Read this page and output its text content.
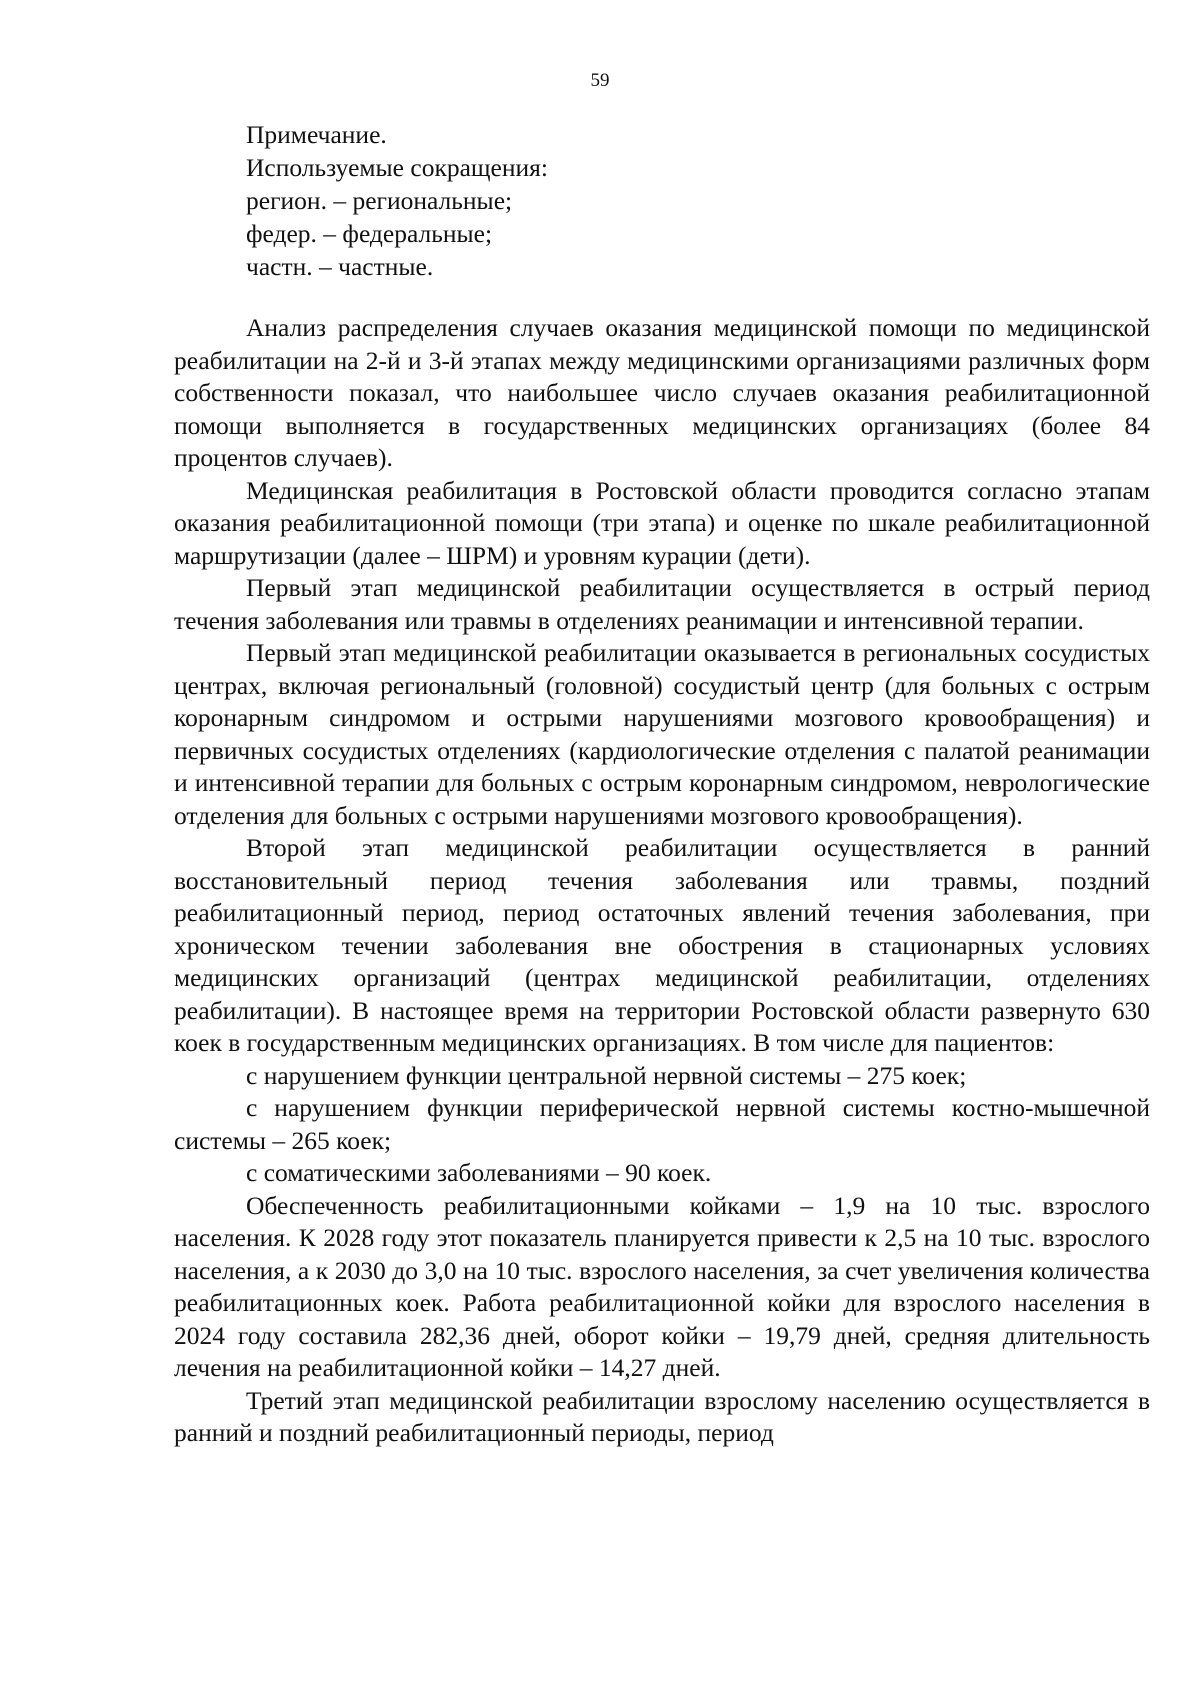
59
Примечание.
Используемые сокращения:
регион. – региональные;
федер. – федеральные;
частн. – частные.

Анализ распределения случаев оказания медицинской помощи по медицинской реабилитации на 2-й и 3-й этапах между медицинскими организациями различных форм собственности показал, что наибольшее число случаев оказания реабилитационной помощи выполняется в государственных медицинских организациях (более 84 процентов случаев).

Медицинская реабилитация в Ростовской области проводится согласно этапам оказания реабилитационной помощи (три этапа) и оценке по шкале реабилитационной маршрутизации (далее – ШРМ) и уровням курации (дети).

Первый этап медицинской реабилитации осуществляется в острый период течения заболевания или травмы в отделениях реанимации и интенсивной терапии.

Первый этап медицинской реабилитации оказывается в региональных сосудистых центрах, включая региональный (головной) сосудистый центр (для больных с острым коронарным синдромом и острыми нарушениями мозгового кровообращения) и первичных сосудистых отделениях (кардиологические отделения с палатой реанимации и интенсивной терапии для больных с острым коронарным синдромом, неврологические отделения для больных с острыми нарушениями мозгового кровообращения).

Второй этап медицинской реабилитации осуществляется в ранний восстановительный период течения заболевания или травмы, поздний реабилитационный период, период остаточных явлений течения заболевания, при хроническом течении заболевания вне обострения в стационарных условиях медицинских организаций (центрах медицинской реабилитации, отделениях реабилитации). В настоящее время на территории Ростовской области развернуто 630 коек в государственным медицинских организациях. В том числе для пациентов:

с нарушением функции центральной нервной системы – 275 коек;

с нарушением функции периферической нервной системы костно-мышечной системы – 265 коек;

с соматическими заболеваниями – 90 коек.

Обеспеченность реабилитационными койками – 1,9 на 10 тыс. взрослого населения. К 2028 году этот показатель планируется привести к 2,5 на 10 тыс. взрослого населения, а к 2030 до 3,0 на 10 тыс. взрослого населения, за счет увеличения количества реабилитационных коек. Работа реабилитационной койки для взрослого населения в 2024 году составила 282,36 дней, оборот койки – 19,79 дней, средняя длительность лечения на реабилитационной койки – 14,27 дней.

Третий этап медицинской реабилитации взрослому населению осуществляется в ранний и поздний реабилитационный периоды, период
